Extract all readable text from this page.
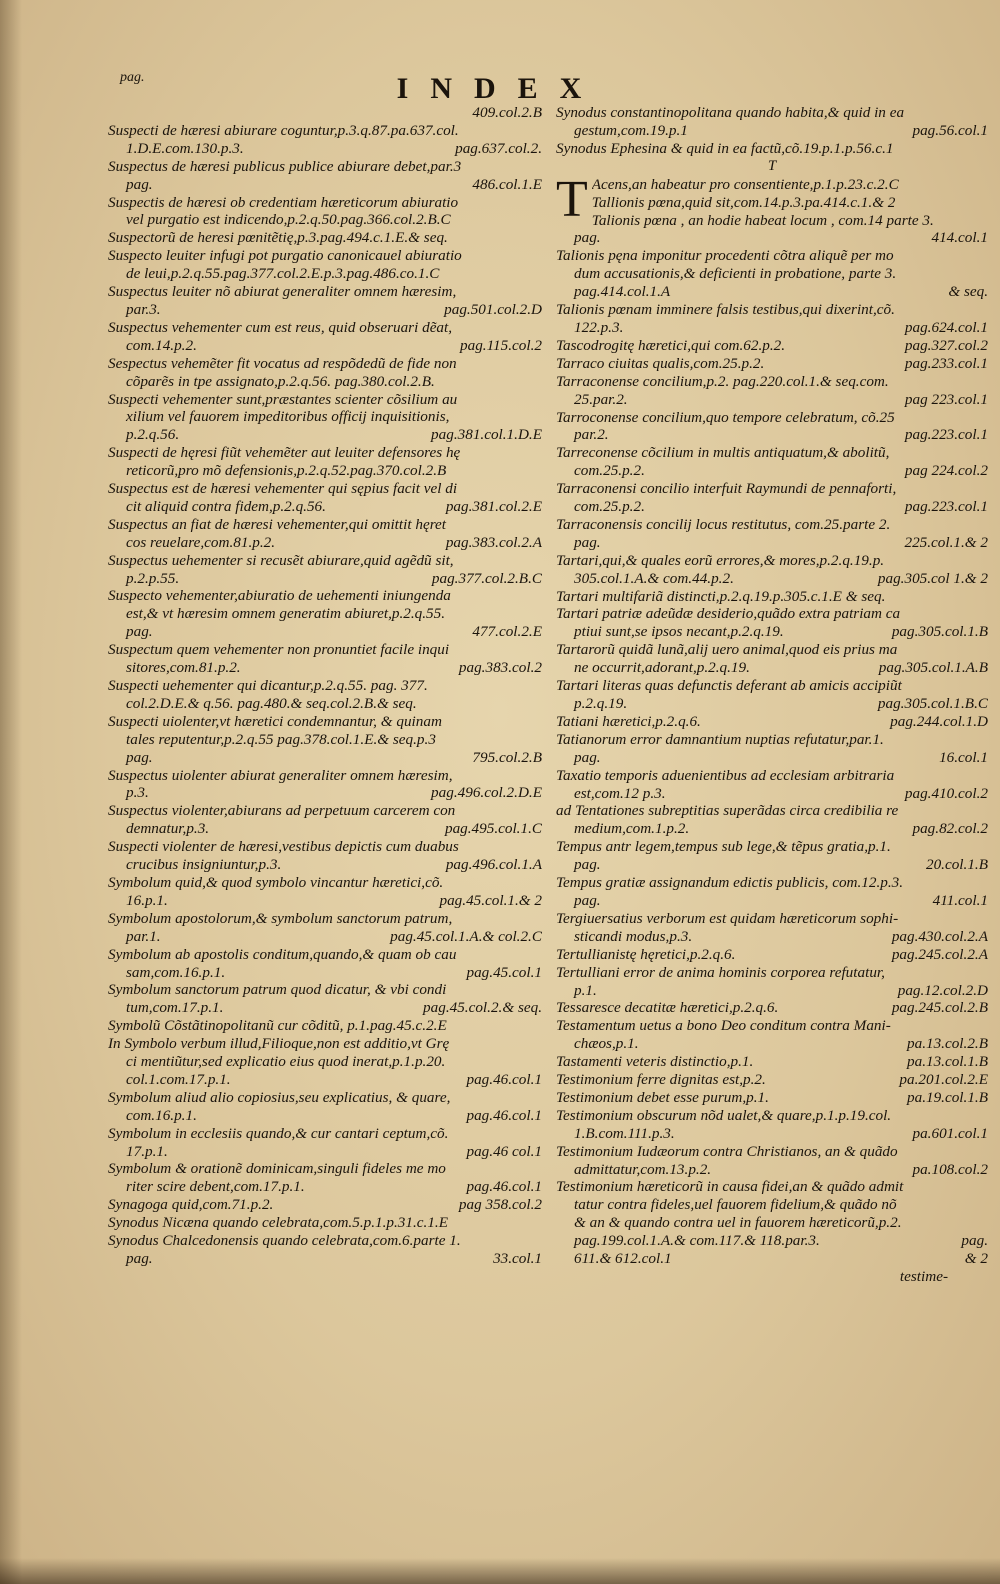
pag.	INDEX
409.col.2.B
Suspecti de hæresi abiurare coguntur,p.3.q.87.pa.637.col.
pag.637.col.2.
1.D.E.com.130.p.3.
Suspectus de hæresi publicus publice abiurare debet,par.3
486.col.1.E
pag.
Suspectis de hæresi ob credentiam hæreticorum abiuratio
vel purgatio est indicendo,p.2.q.50.pag.366.col.2.B.C
Suspectorũ de heresi pœnitẽtię,p.3.pag.494.c.1.E.& seq.
Suspecto leuiter infugi pot purgatio canonicauel abiuratio
de leui,p.2.q.55.pag.377.col.2.E.p.3.pag.486.co.1.C
Suspectus leuiter nõ abiurat generaliter omnem hæresim,
pag.501.col.2.D
par.3.
Suspectus vehementer cum est reus, quid obseruari dẽat,
pag.115.col.2
com.14.p.2.
Sespectus vehemẽter fit vocatus ad respõdedũ de fide non
cõparẽs in tpe assignato,p.2.q.56. pag.380.col.2.B.
Suspecti vehementer sunt,præstantes scienter cõsilium au
xilium vel fauorem impeditoribus officij inquisitionis,
pag.381.col.1.D.E
p.2.q.56.
Suspecti de hęresi fiũt vehemẽter aut leuiter defensores hę
reticorũ,pro mõ defensionis,p.2.q.52.pag.370.col.2.B
Suspectus est de hæresi vehementer qui sępius facit vel di
pag.381.col.2.E
cit aliquid contra fidem,p.2.q.56.
Suspectus an fiat de hæresi vehementer,qui omittit hęret
pag.383.col.2.A
cos reuelare,com.81.p.2.
Suspectus uehementer si recusẽt abiurare,quid agẽdũ sit,
pag.377.col.2.B.C
p.2.p.55.
Suspecto vehementer,abiuratio de uehementi iniungenda
est,& vt hæresim omnem generatim abiuret,p.2.q.55.
477.col.2.E
pag.
Suspectum quem vehementer non pronuntiet facile inqui
pag.383.col.2
sitores,com.81.p.2.
Suspecti uehementer qui dicantur,p.2.q.55. pag. 377.
col.2.D.E.& q.56. pag.480.& seq.col.2.B.& seq.
Suspecti uiolenter,vt hæretici condemnantur, & quinam
tales reputentur,p.2.q.55 pag.378.col.1.E.& seq.p.3
795.col.2.B
pag.
Suspectus uiolenter abiurat generaliter omnem hæresim,
pag.496.col.2.D.E
p.3.
Suspectus violenter,abiurans ad perpetuum carcerem con
pag.495.col.1.C
demnatur,p.3.
Suspecti violenter de hæresi,vestibus depictis cum duabus
pag.496.col.1.A
crucibus insigniuntur,p.3.
Symbolum quid,& quod symbolo vincantur hæretici,cõ.
pag.45.col.1.& 2
16.p.1.
Symbolum apostolorum,& symbolum sanctorum patrum,
pag.45.col.1.A.& col.2.C
par.1.
Symbolum ab apostolis conditum,quando,& quam ob cau
pag.45.col.1
sam,com.16.p.1.
Symbolum sanctorum patrum quod dicatur, & vbi condi
pag.45.col.2.& seq.
tum,com.17.p.1.
Symbolũ Cõstãtinopolitanũ cur cõditũ, p.1.pag.45.c.2.E
In Symbolo verbum illud,Filioque,non est additio,vt Grę
ci mentiũtur,sed explicatio eius quod inerat,p.1.p.20.
pag.46.col.1
col.1.com.17.p.1.
Symbolum aliud alio copiosius,seu explicatius, & quare,
pag.46.col.1
com.16.p.1.
Symbolum in ecclesiis quando,& cur cantari ceptum,cõ.
pag.46 col.1
17.p.1.
Symbolum & orationẽ dominicam,singuli fideles me mo
pag.46.col.1
riter scire debent,com.17.p.1.
pag 358.col.2
Synagoga quid,com.71.p.2.
Synodus Nicæna quando celebrata,com.5.p.1.p.31.c.1.E
Synodus Chalcedonensis quando celebrata,com.6.parte 1.
33.col.1
pag.
Synodus constantinopolitana quando habita,& quid in ea
pag.56.col.1
gestum,com.19.p.1
Synodus Ephesina & quid in ea factũ,cõ.19.p.1.p.56.c.1
T
T Acens,an habeatur pro consentiente,p.1.p.23.c.2.C
Tallionis pœna,quid sit,com.14.p.3.pa.414.c.1.& 2
Talionis pœna , an hodie habeat locum , com.14 parte 3.
414.col.1
pag.
Talionis pęna imponitur procedenti cõtra aliquẽ per mo
dum accusationis,& deficienti in probatione, parte 3.
& seq.
pag.414.col.1.A
Talionis pœnam imminere falsis testibus,qui dixerint,cõ.
pag.624.col.1
122.p.3.
pag.327.col.2
Tascodrogitę hæretici,qui com.62.p.2.
pag.233.col.1
Tarraco ciuitas qualis,com.25.p.2.
Tarraconense concilium,p.2. pag.220.col.1.& seq.com.
pag 223.col.1
25.par.2.
Tarroconense concilium,quo tempore celebratum, cõ.25
pag.223.col.1
par.2.
Tarreconense cõcilium in multis antiquatum,& abolitũ,
pag 224.col.2
com.25.p.2.
Tarraconensi concilio interfuit Raymundi de pennaforti,
pag.223.col.1
com.25.p.2.
Tarraconensis concilij locus restitutus, com.25.parte 2.
225.col.1.& 2
pag.
Tartari,qui,& quales eorũ errores,& mores,p.2.q.19.p.
pag.305.col 1.& 2
305.col.1.A.& com.44.p.2.
Tartari multifariã distincti,p.2.q.19.p.305.c.1.E & seq.
Tartari patriæ adeũdæ desiderio,quãdo extra patriam ca
pag.305.col.1.B
ptiui sunt,se ipsos necant,p.2.q.19.
Tartarorũ quidã lunã,alij uero animal,quod eis prius ma
pag.305.col.1.A.B
ne occurrit,adorant,p.2.q.19.
Tartari literas quas defunctis deferant ab amicis accipiũt
pag.305.col.1.B.C
p.2.q.19.
pag.244.col.1.D
Tatiani hæretici,p.2.q.6.
Tatianorum error damnantium nuptias refutatur,par.1.
16.col.1
pag.
Taxatio temporis aduenientibus ad ecclesiam arbitraria
pag.410.col.2
est,com.12 p.3.
ad Tentationes subreptitias superãdas circa credibilia re
pag.82.col.2
medium,com.1.p.2.
Tempus antr legem,tempus sub lege,& tẽpus gratia,p.1.
20.col.1.B
pag.
Tempus gratiæ assignandum edictis publicis, com.12.p.3.
411.col.1
pag.
Tergiuersatius verborum est quidam hæreticorum sophi-
pag.430.col.2.A
sticandi modus,p.3.
pag.245.col.2.A
Tertullianistę hęretici,p.2.q.6.
Tertulliani error de anima hominis corporea refutatur,
pag.12.col.2.D
p.1.
pag.245.col.2.B
Tessaresce decatitæ hæretici,p.2.q.6.
Testamentum uetus a bono Deo conditum contra Mani-
pa.13.col.2.B
chæos,p.1.
pa.13.col.1.B
Tastamenti veteris distinctio,p.1.
pa.201.col.2.E
Testimonium ferre dignitas est,p.2.
pa.19.col.1.B
Testimonium debet esse purum,p.1.
Testimonium obscurum nõd ualet,& quare,p.1.p.19.col.
pa.601.col.1
1.B.com.111.p.3.
Testimonium Iudæorum contra Christianos, an & quãdo
pa.108.col.2
admittatur,com.13.p.2.
Testimonium hæreticorũ in causa fidei,an & quãdo admit
tatur contra fideles,uel fauorem fidelium,& quãdo nõ
& an & quando contra uel in fauorem hæreticorũ,p.2.
pag.
pag.199.col.1.A.& com.117.& 118.par.3.
& 2
611.& 612.col.1
testime-
